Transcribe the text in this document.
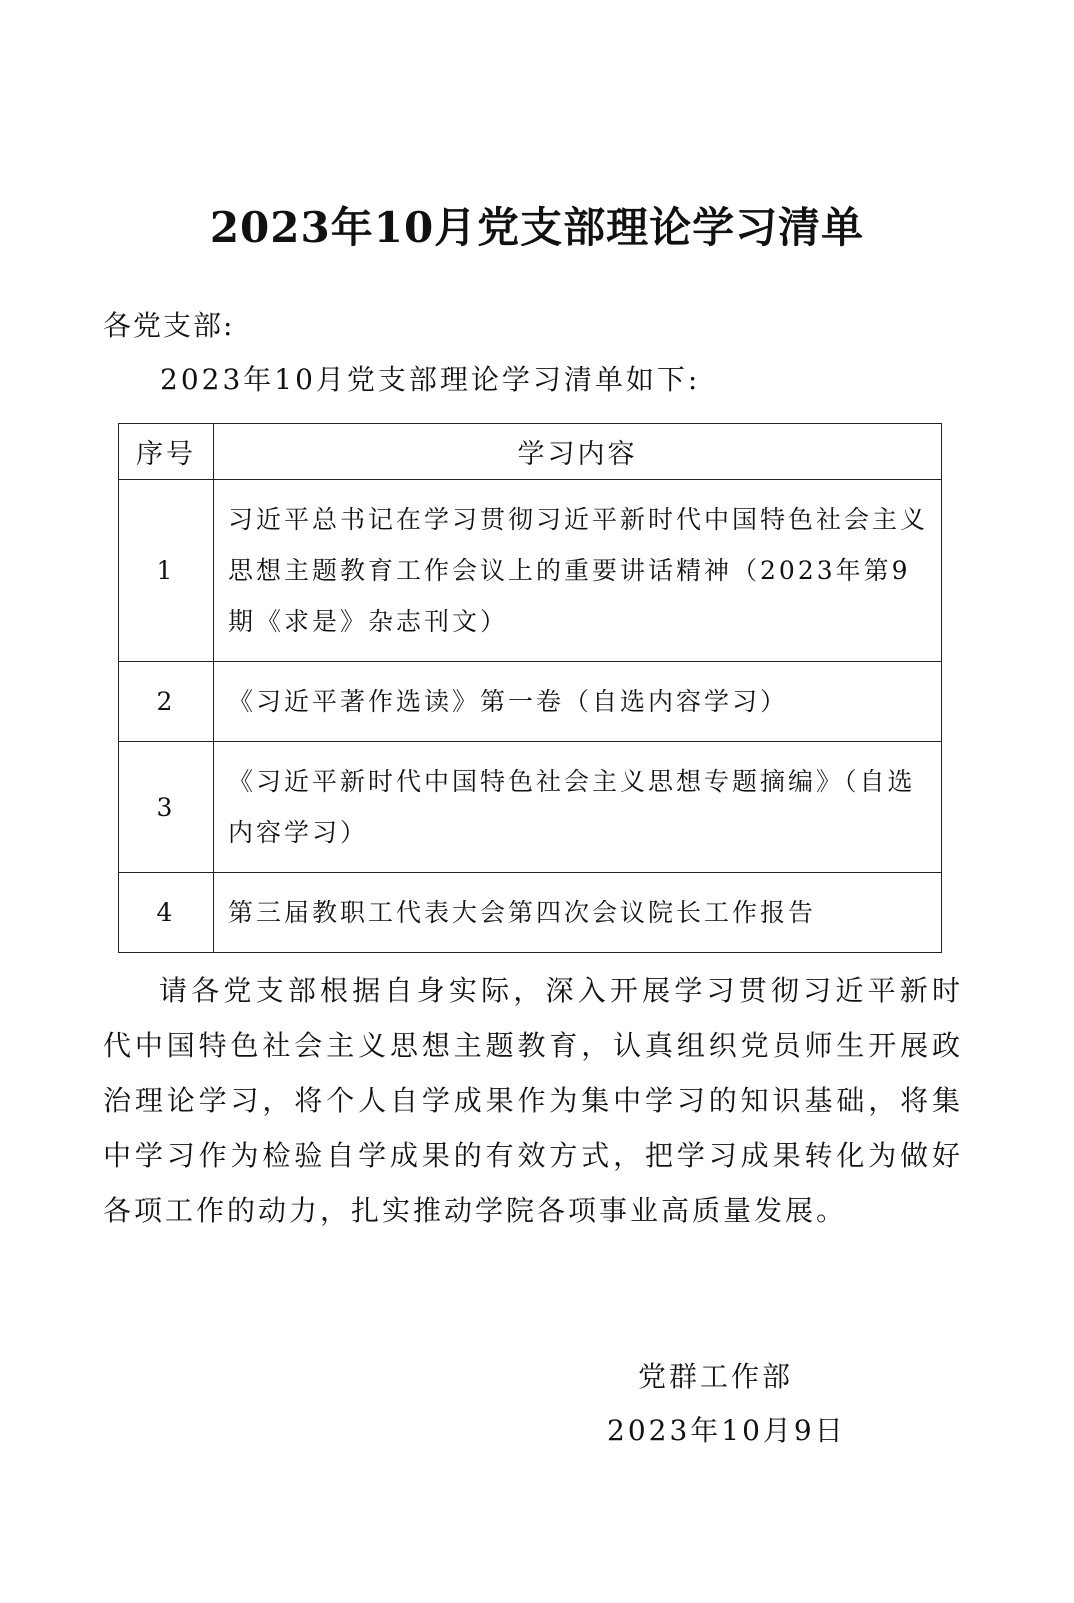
2023年10月党支部理论学习清单
各党支部:
2023年10月党支部理论学习清单如下:
序号	学习内容
1	习近平总书记在学习贯彻习近平新时代中国特色社会主义思想主题教育工作会议上的重要讲话精神（2023年第9期《求是》杂志刊文）
2	《习近平著作选读》第一卷（自选内容学习）
3	《习近平新时代中国特色社会主义思想专题摘编》（自选内容学习）
4	第三届教职工代表大会第四次会议院长工作报告
请各党支部根据自身实际，深入开展学习贯彻习近平新时代中国特色社会主义思想主题教育，认真组织党员师生开展政治理论学习，将个人自学成果作为集中学习的知识基础，将集中学习作为检验自学成果的有效方式，把学习成果转化为做好各项工作的动力，扎实推动学院各项事业高质量发展。
党群工作部
2023年10月9日
